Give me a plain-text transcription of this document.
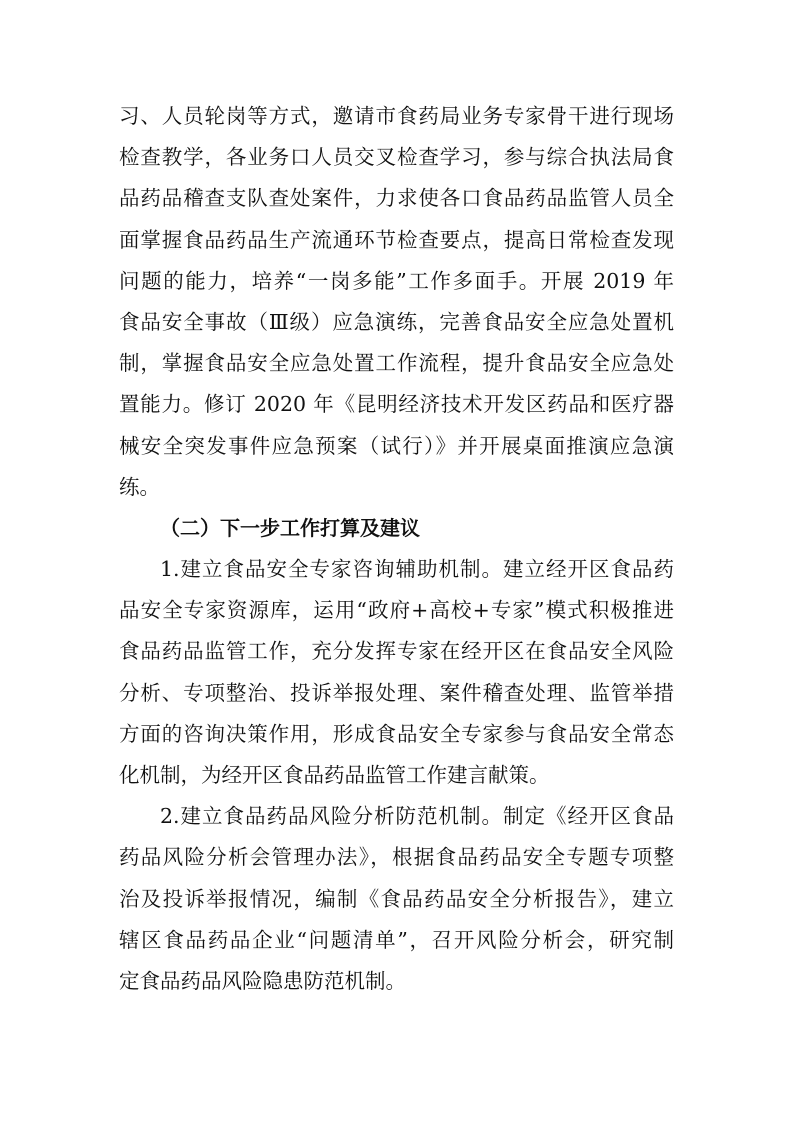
习、人员轮岗等方式，邀请市食药局业务专家骨干进行现场
检查教学，各业务口人员交叉检查学习，参与综合执法局食
品药品稽查支队查处案件，力求使各口食品药品监管人员全
面掌握食品药品生产流通环节检查要点，提高日常检查发现
问题的能力，培养“一岗多能”工作多面手。开展 2019 年
食品安全事故（Ⅲ级）应急演练，完善食品安全应急处置机
制，掌握食品安全应急处置工作流程，提升食品安全应急处
置能力。修订 2020 年《昆明经济技术开发区药品和医疗器
械安全突发事件应急预案（试行）》并开展桌面推演应急演
练。
（二）下一步工作打算及建议
1.建立食品安全专家咨询辅助机制。建立经开区食品药
品安全专家资源库，运用“政府+高校+专家”模式积极推进
食品药品监管工作，充分发挥专家在经开区在食品安全风险
分析、专项整治、投诉举报处理、案件稽查处理、监管举措
方面的咨询决策作用，形成食品安全专家参与食品安全常态
化机制，为经开区食品药品监管工作建言献策。
2.建立食品药品风险分析防范机制。制定《经开区食品
药品风险分析会管理办法》，根据食品药品安全专题专项整
治及投诉举报情况，编制《食品药品安全分析报告》，建立
辖区食品药品企业“问题清单”，召开风险分析会，研究制
定食品药品风险隐患防范机制。
